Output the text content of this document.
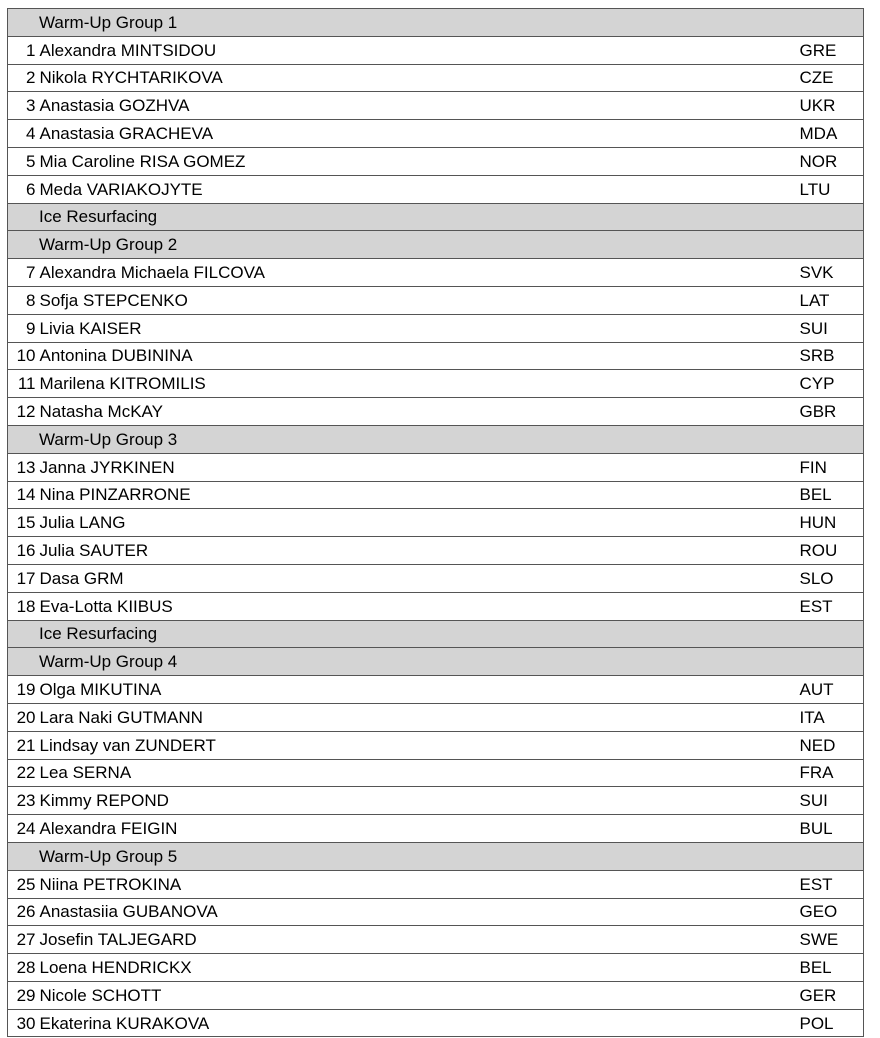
Warm-Up Group 1		
1	Alexandra MINTSIDOU	GRE
2	Nikola RYCHTARIKOVA	CZE
3	Anastasia GOZHVA	UKR
4	Anastasia GRACHEVA	MDA
5	Mia Caroline RISA GOMEZ	NOR
6	Meda VARIAKOJYTE	LTU
Ice Resurfacing		
Warm-Up Group 2		
7	Alexandra Michaela FILCOVA	SVK
8	Sofja STEPCENKO	LAT
9	Livia KAISER	SUI
10	Antonina DUBININA	SRB
11	Marilena KITROMILIS	CYP
12	Natasha McKAY	GBR
Warm-Up Group 3		
13	Janna JYRKINEN	FIN
14	Nina PINZARRONE	BEL
15	Julia LANG	HUN
16	Julia SAUTER	ROU
17	Dasa GRM	SLO
18	Eva-Lotta KIIBUS	EST
Ice Resurfacing		
Warm-Up Group 4		
19	Olga MIKUTINA	AUT
20	Lara Naki GUTMANN	ITA
21	Lindsay van ZUNDERT	NED
22	Lea SERNA	FRA
23	Kimmy REPOND	SUI
24	Alexandra FEIGIN	BUL
Warm-Up Group 5		
25	Niina PETROKINA	EST
26	Anastasiia GUBANOVA	GEO
27	Josefin TALJEGARD	SWE
28	Loena HENDRICKX	BEL
29	Nicole SCHOTT	GER
30	Ekaterina KURAKOVA	POL
